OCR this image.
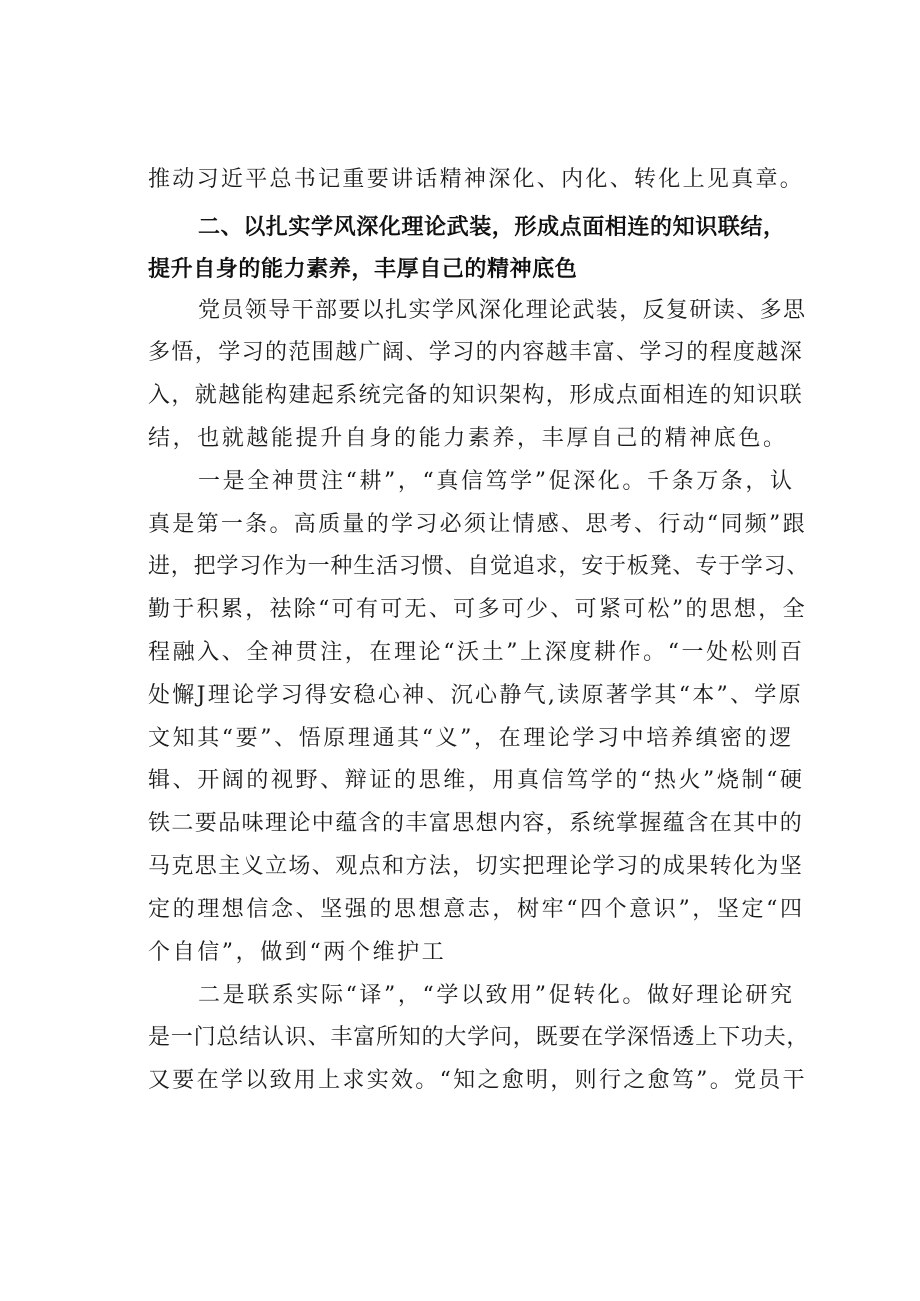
推动习近平总书记重要讲话精神深化、内化、转化上见真章。
二、以扎实学风深化理论武装，形成点面相连的知识联结，
提升自身的能力素养，丰厚自己的精神底色
党员领导干部要以扎实学风深化理论武装，反复研读、多思
多悟，学习的范围越广阔、学习的内容越丰富、学习的程度越深
入，就越能构建起系统完备的知识架构，形成点面相连的知识联
结，也就越能提升自身的能力素养，丰厚自己的精神底色。
一是全神贯注“耕”，“真信笃学”促深化。千条万条，认
真是第一条。高质量的学习必须让情感、思考、行动“同频”跟
进，把学习作为一种生活习惯、自觉追求，安于板凳、专于学习、
勤于积累，祛除“可有可无、可多可少、可紧可松”的思想，全
程融入、全神贯注，在理论“沃土”上深度耕作。“一处松则百
处懈J理论学习得安稳心神、沉心静气,读原著学其“本”、学原
文知其“要”、悟原理通其“义”，在理论学习中培养缜密的逻
辑、开阔的视野、辩证的思维，用真信笃学的“热火”烧制“硬
铁二要品味理论中蕴含的丰富思想内容，系统掌握蕴含在其中的
马克思主义立场、观点和方法，切实把理论学习的成果转化为坚
定的理想信念、坚强的思想意志，树牢“四个意识”，坚定“四
个自信”，做到“两个维护工
二是联系实际“译”，“学以致用”促转化。做好理论研究
是一门总结认识、丰富所知的大学问，既要在学深悟透上下功夫，
又要在学以致用上求实效。“知之愈明，则行之愈笃”。党员干
